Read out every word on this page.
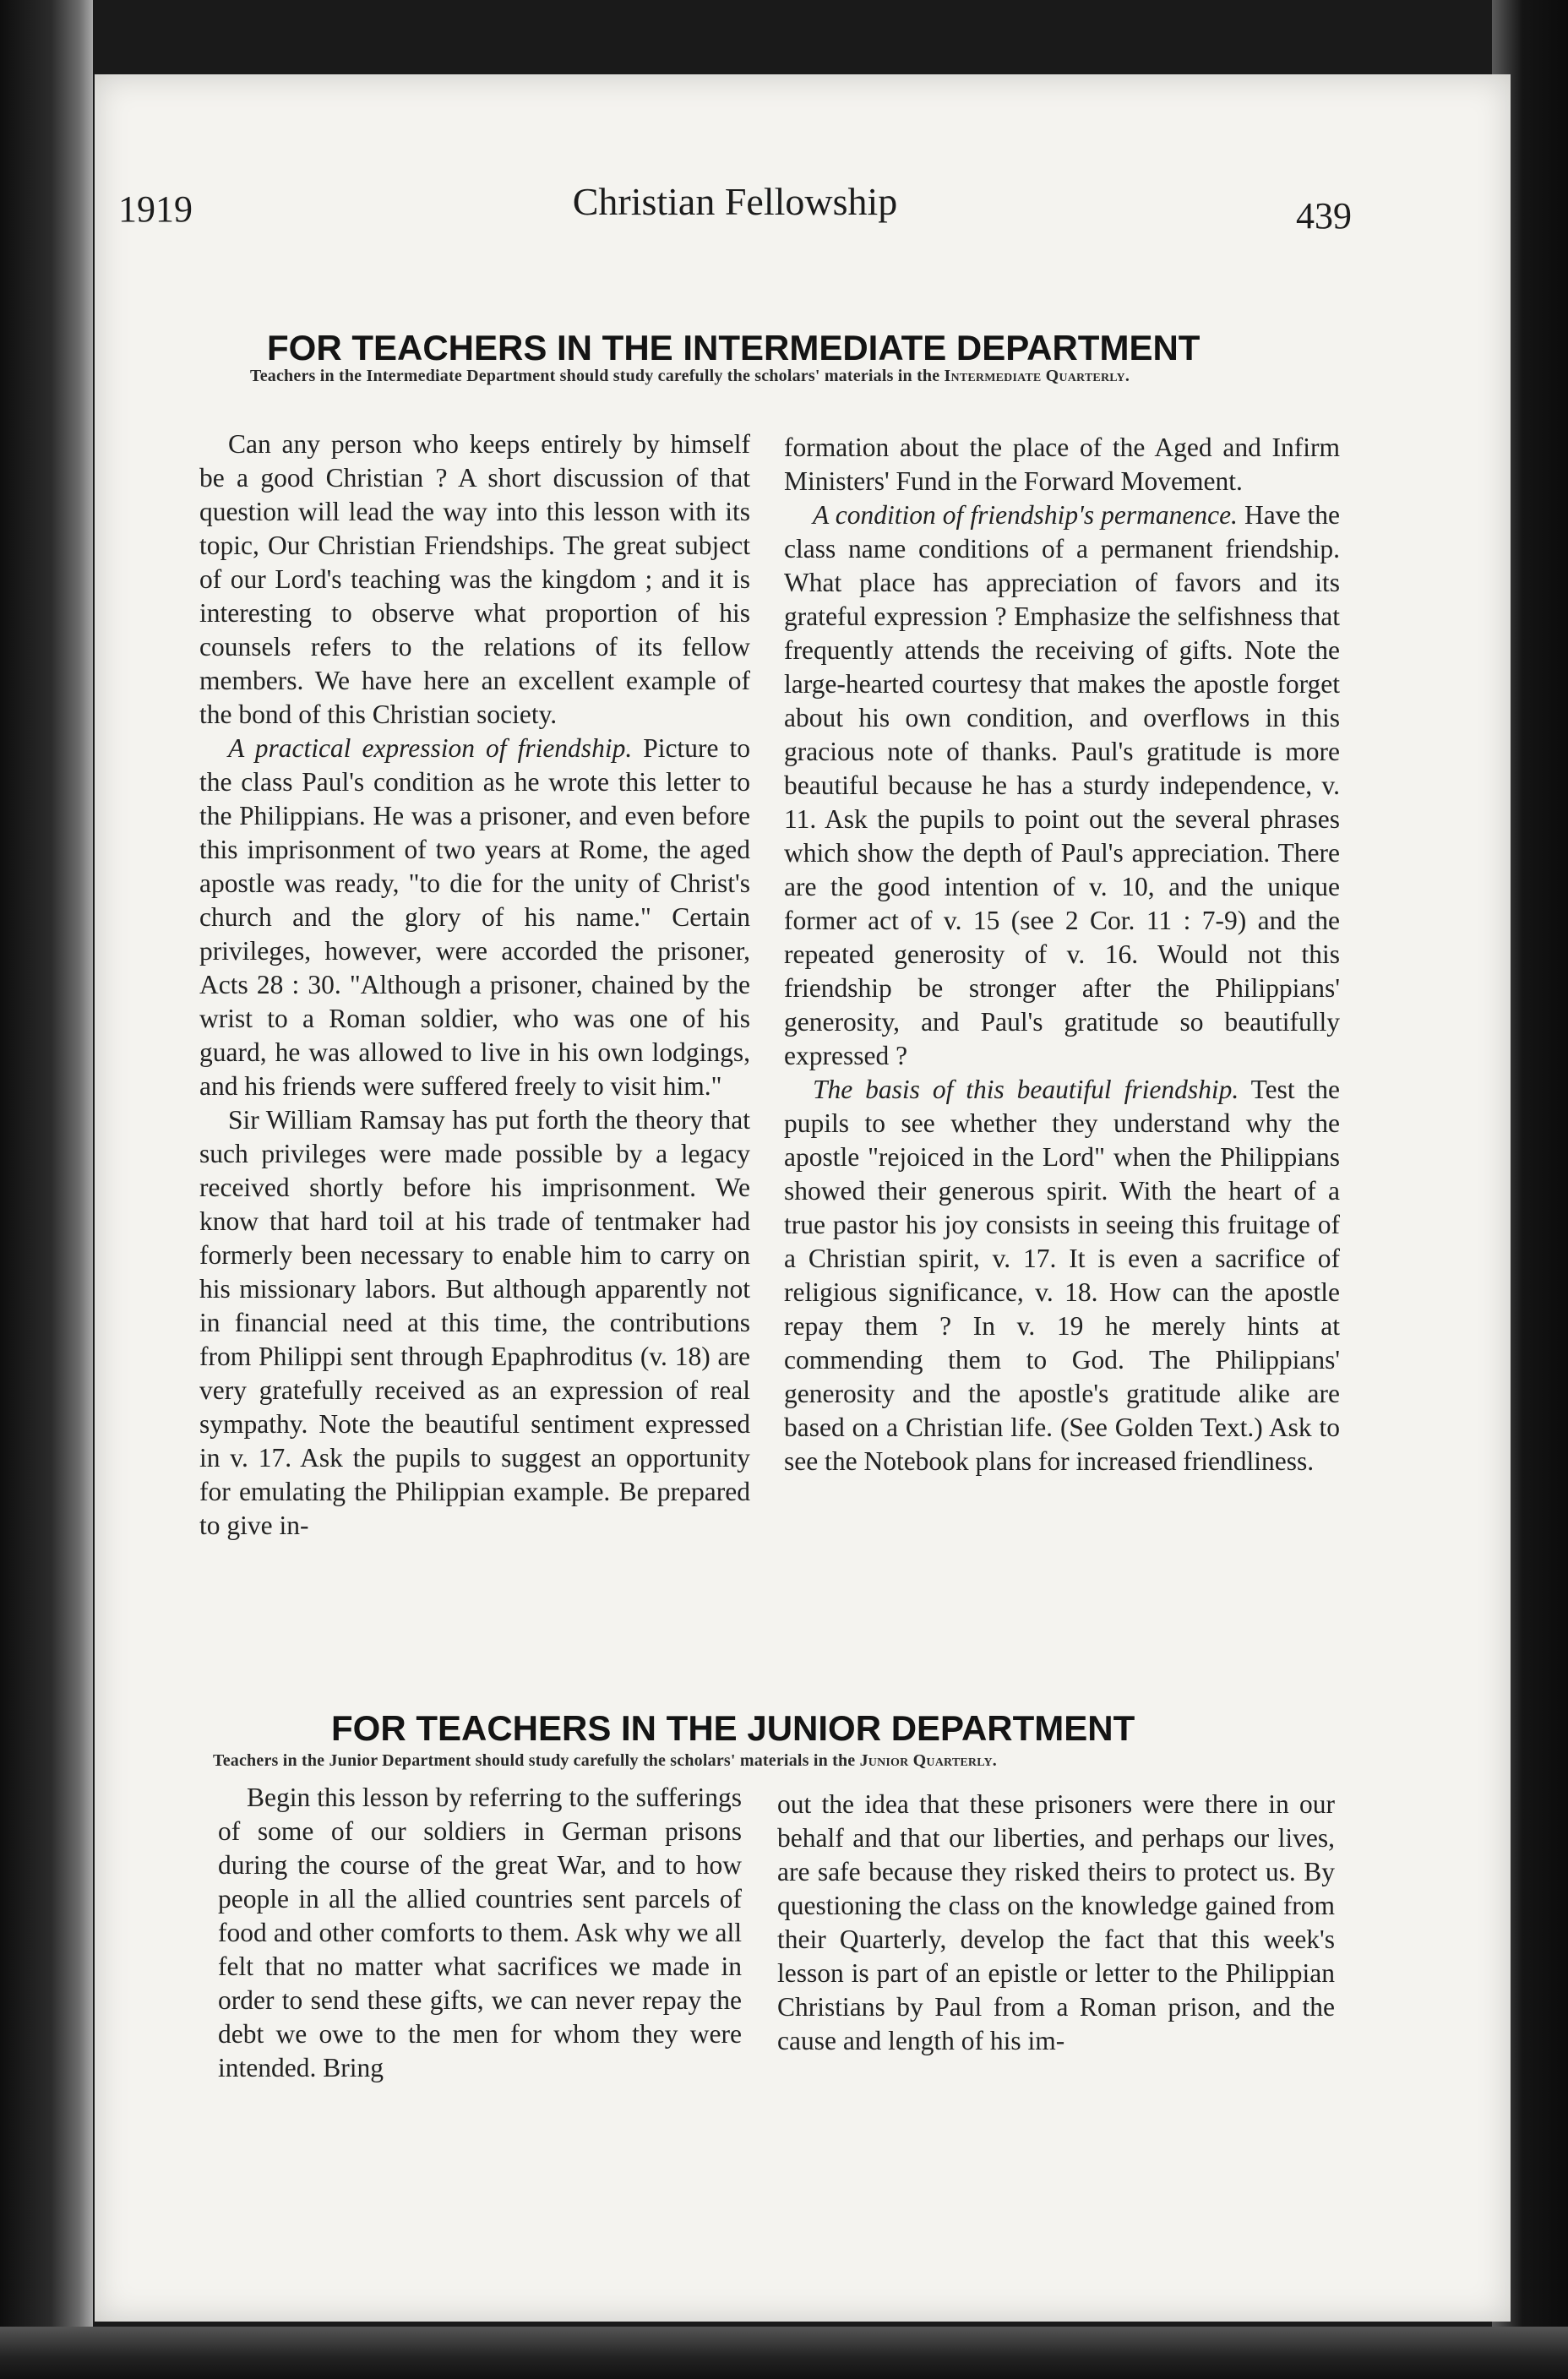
1919	Christian Fellowship	439
FOR TEACHERS IN THE INTERMEDIATE DEPARTMENT
Teachers in the Intermediate Department should study carefully the scholars' materials in the Intermediate Quarterly.

Can any person who keeps entirely by himself be a good Christian ? A short discussion of that question will lead the way into this lesson with its topic, Our Christian Friendships. The great subject of our Lord's teaching was the kingdom ; and it is interesting to observe what proportion of his counsels refers to the relations of its fellow members. We have here an excellent example of the bond of this Christian society.

A practical expression of friendship. Picture to the class Paul's condition as he wrote this letter to the Philippians. He was a prisoner, and even before this imprisonment of two years at Rome, the aged apostle was ready, "to die for the unity of Christ's church and the glory of his name." Certain privileges, however, were accorded the prisoner, Acts 28 : 30. "Although a prisoner, chained by the wrist to a Roman soldier, who was one of his guard, he was allowed to live in his own lodgings, and his friends were suffered freely to visit him."

Sir William Ramsay has put forth the theory that such privileges were made possible by a legacy received shortly before his imprisonment. We know that hard toil at his trade of tentmaker had formerly been necessary to enable him to carry on his missionary labors. But although apparently not in financial need at this time, the contributions from Philippi sent through Epaphroditus (v. 18) are very gratefully received as an expression of real sympathy. Note the beautiful sentiment expressed in v. 17. Ask the pupils to suggest an opportunity for emulating the Philippian example. Be prepared to give in-

formation about the place of the Aged and Infirm Ministers' Fund in the Forward Movement.

A condition of friendship's permanence. Have the class name conditions of a permanent friendship. What place has appreciation of favors and its grateful expression ? Emphasize the selfishness that frequently attends the receiving of gifts. Note the large-hearted courtesy that makes the apostle forget about his own condition, and overflows in this gracious note of thanks. Paul's gratitude is more beautiful because he has a sturdy independence, v. 11. Ask the pupils to point out the several phrases which show the depth of Paul's appreciation. There are the good intention of v. 10, and the unique former act of v. 15 (see 2 Cor. 11 : 7-9) and the repeated generosity of v. 16. Would not this friendship be stronger after the Philippians' generosity, and Paul's gratitude so beautifully expressed ?

The basis of this beautiful friendship. Test the pupils to see whether they understand why the apostle "rejoiced in the Lord" when the Philippians showed their generous spirit. With the heart of a true pastor his joy consists in seeing this fruitage of a Christian spirit, v. 17. It is even a sacrifice of religious significance, v. 18. How can the apostle repay them ? In v. 19 he merely hints at commending them to God. The Philippians' generosity and the apostle's gratitude alike are based on a Christian life. (See Golden Text.) Ask to see the Notebook plans for increased friendliness.

FOR TEACHERS IN THE JUNIOR DEPARTMENT
Teachers in the Junior Department should study carefully the scholars' materials in the Junior Quarterly.

Begin this lesson by referring to the sufferings of some of our soldiers in German prisons during the course of the great War, and to how people in all the allied countries sent parcels of food and other comforts to them. Ask why we all felt that no matter what sacrifices we made in order to send these gifts, we can never repay the debt we owe to the men for whom they were intended. Bring

out the idea that these prisoners were there in our behalf and that our liberties, and perhaps our lives, are safe because they risked theirs to protect us. By questioning the class on the knowledge gained from their Quarterly, develop the fact that this week's lesson is part of an epistle or letter to the Philippian Christians by Paul from a Roman prison, and the cause and length of his im-
